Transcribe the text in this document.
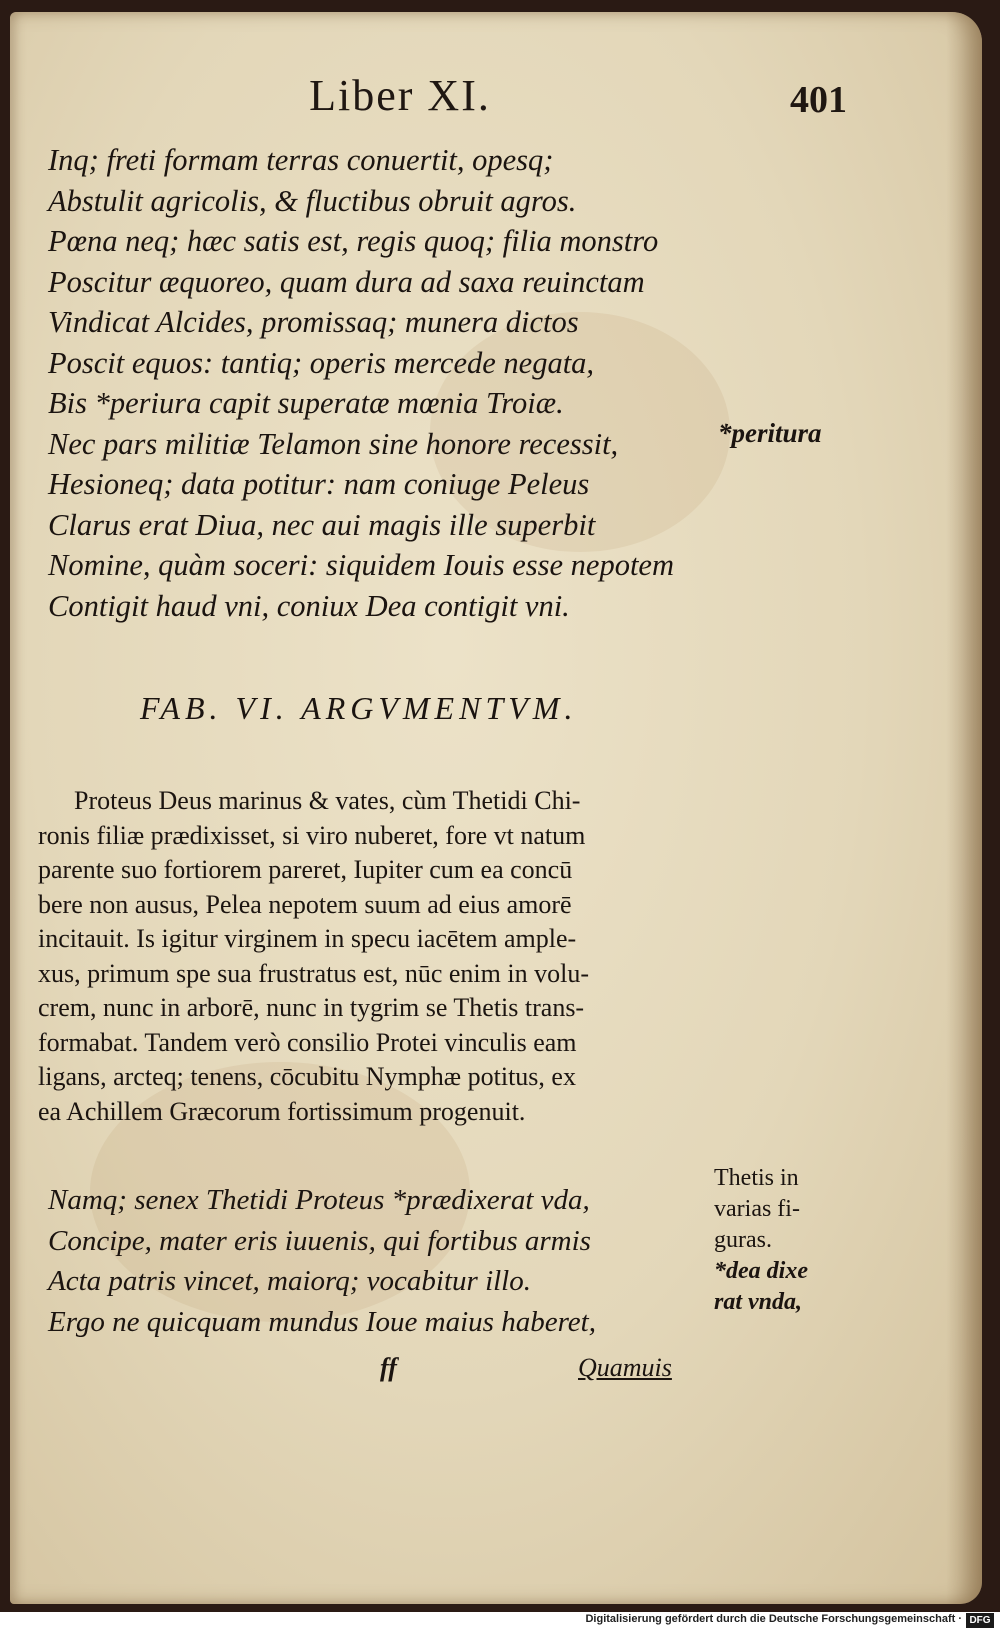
Liber XI.	401
Inq; freti formam terras conuertit, opesq;
Abstulit agricolis, & fluctibus obruit agros.
Pœna neq; hæc satis est, regis quoq; filia monstro
Poscitur æquoreo, quam dura ad saxa reuinctam
Vindicat Alcides, promissaq; munera dictos
Poscit equos: tantiq; operis mercede negata,
Bis *periura capit superatæ mœnia Troiæ.
Nec pars militiæ Telamon sine honore recessit,
Hesioneq; data potitur: nam coniuge Peleus
Clarus erat Diua, nec aui magis ille superbit
Nomine, quàm soceri: siquidem Iouis esse nepotem
Contigit haud vni, coniux Dea contigit vni.
*peritura
FAB. VI. ARGVMENTVM.
Proteus Deus marinus & vates, cùm Thetidi Chi-
ronis filiæ prædixisset, si viro nuberet, fore vt natum
parente suo fortiorem pareret, Iupiter cum ea concū
bere non ausus, Pelea nepotem suum ad eius amorē
incitauit. Is igitur virginem in specu iacētem ample-
xus, primum spe sua frustratus est, nūc enim in volu-
crem, nunc in arborē, nunc in tygrim se Thetis trans-
formabat. Tandem verò consilio Protei vinculis eam
ligans, arcteq; tenens, cōcubitu Nymphæ potitus, ex
ea Achillem Græcorum fortissimum progenuit.
Namq; senex Thetidi Proteus *prædixerat vda,
Concipe, mater eris iuuenis, qui fortibus armis
Acta patris vincet, maiorq; vocabitur illo.
Ergo ne quicquam mundus Ioue maius haberet,
Thetis in
varias fi-
guras.
*dea dixe
rat vnda,
ff	Quamuis
Digitalisierung gefördert durch die Deutsche Forschungsgemeinschaft · DFG
